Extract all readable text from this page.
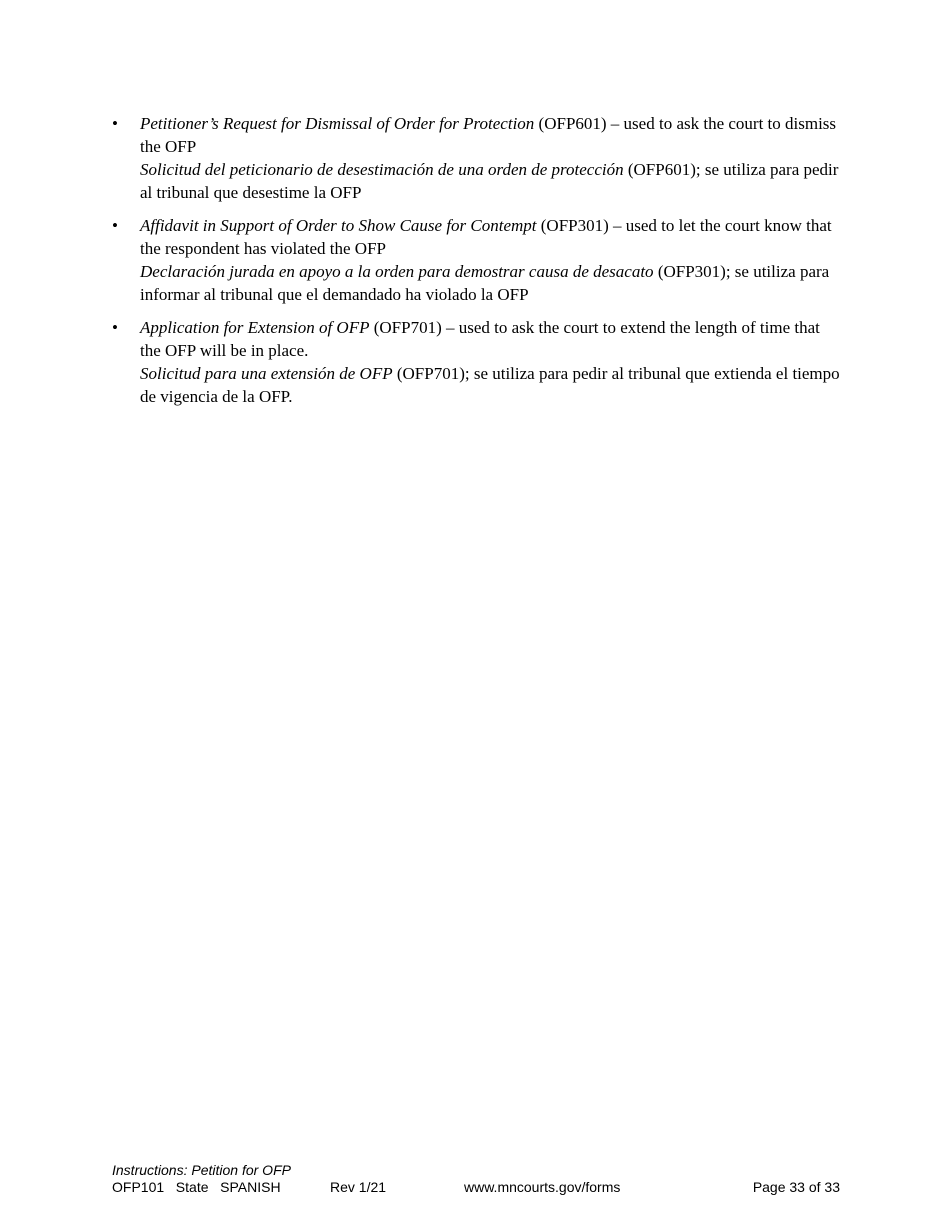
•	Petitioner’s Request for Dismissal of Order for Protection (OFP601) – used to ask the court to dismiss the OFP

Solicitud del peticionario de desestimación de una orden de protección (OFP601); se utiliza para pedir al tribunal que desestime la OFP

•	Affidavit in Support of Order to Show Cause for Contempt (OFP301) – used to let the court know that the respondent has violated the OFP

Declaración jurada en apoyo a la orden para demostrar causa de desacato (OFP301); se utiliza para informar al tribunal que el demandado ha violado la OFP

•	Application for Extension of OFP (OFP701) – used to ask the court to extend the length of time that the OFP will be in place.

Solicitud para una extensión de OFP (OFP701); se utiliza para pedir al tribunal que extienda el tiempo de vigencia de la OFP.

Instructions: Petition for OFP
OFP101   State   SPANISH	Rev 1/21	www.mncourts.gov/forms	Page 33 of 33
